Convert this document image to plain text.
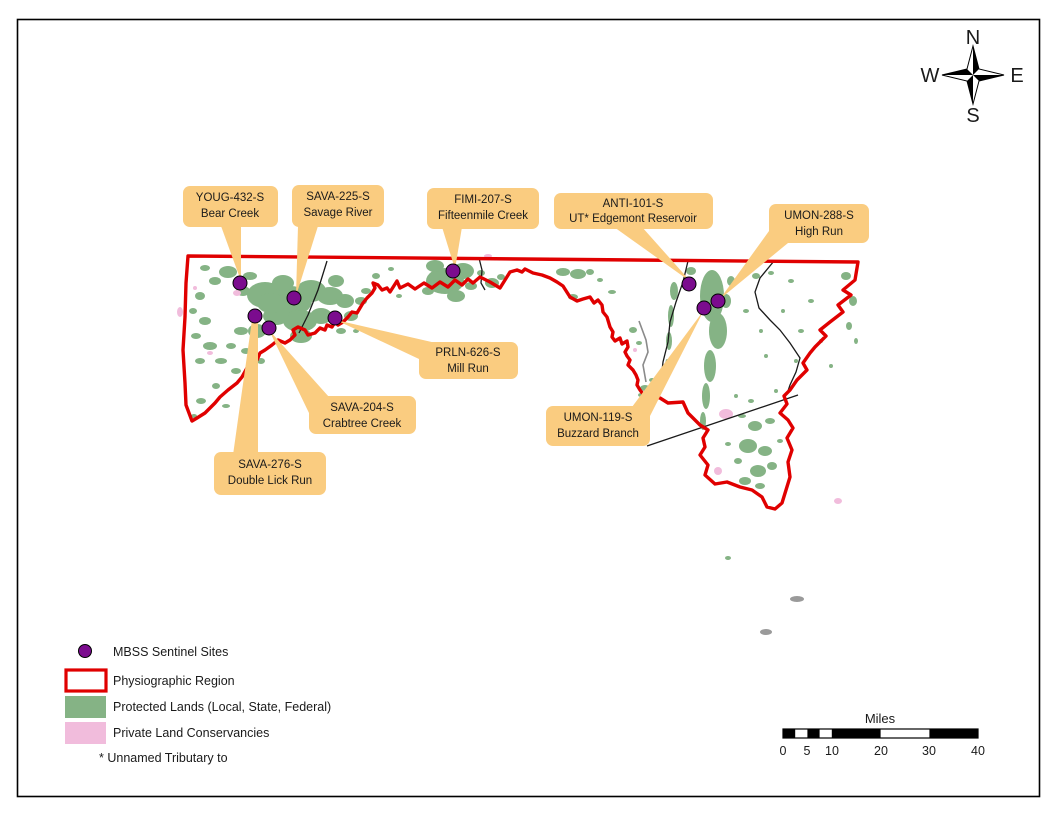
YOUG-432-S
Bear Creek
SAVA-225-S
Savage River
FIMI-207-S
Fifteenmile Creek
ANTI-101-S
UT* Edgemont Reservoir	UMON-288-S
High Run
PRLN-626-S
Mill Run
SAVA-204-S
Crabtree Creek
SAVA-276-S
Double Lick Run
UMON-119-S
Buzzard Branch
N
E
S
W
MBSS Sentinel Sites
Physiographic Region
Protected Lands (Local, State, Federal)
Private Land Conservancies
* Unnamed Tributary to
Miles
0 5 10	20	30	40
